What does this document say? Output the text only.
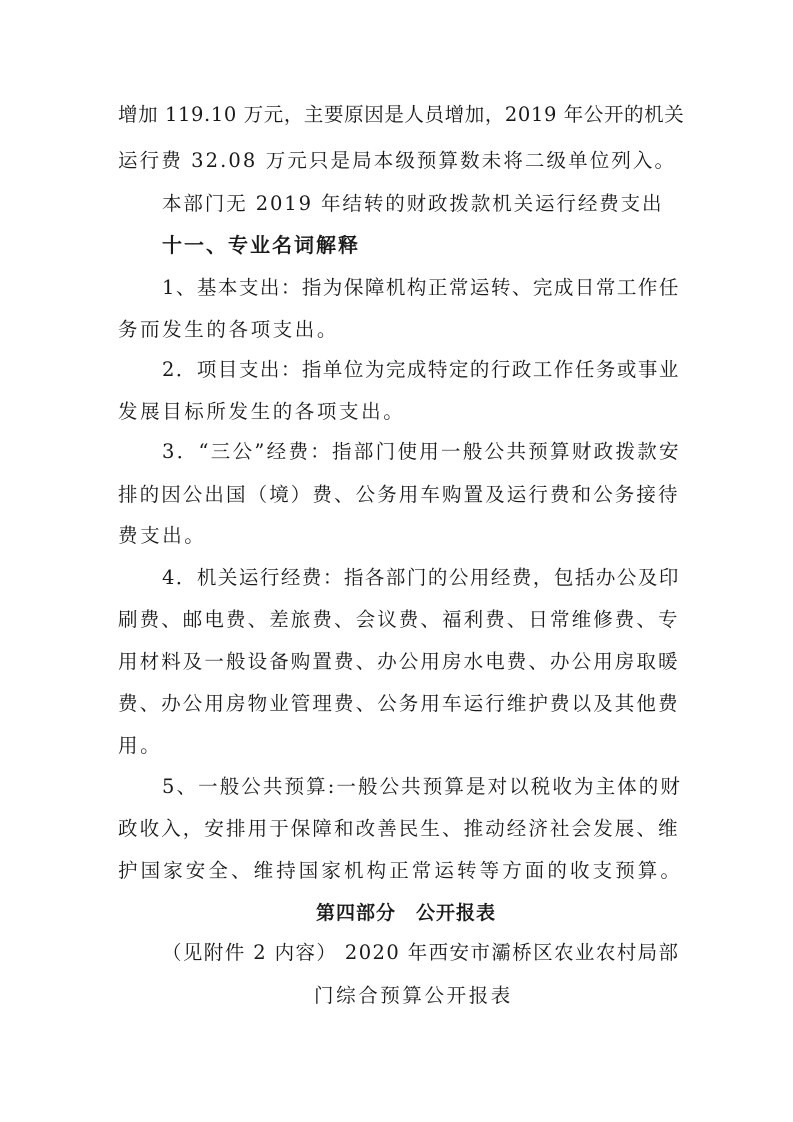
增加 119.10 万元，主要原因是人员增加，2019 年公开的机关
运行费 32.08 万元只是局本级预算数未将二级单位列入。
本部门无 2019 年结转的财政拨款机关运行经费支出
十一、专业名词解释
1、基本支出：指为保障机构正常运转、完成日常工作任
务而发生的各项支出。
2．项目支出：指单位为完成特定的行政工作任务或事业
发展目标所发生的各项支出。
3．“三公”经费：指部门使用一般公共预算财政拨款安
排的因公出国（境）费、公务用车购置及运行费和公务接待
费支出。
4．机关运行经费：指各部门的公用经费，包括办公及印
刷费、邮电费、差旅费、会议费、福利费、日常维修费、专
用材料及一般设备购置费、办公用房水电费、办公用房取暖
费、办公用房物业管理费、公务用车运行维护费以及其他费
用。
5、一般公共预算:一般公共预算是对以税收为主体的财
政收入，安排用于保障和改善民生、推动经济社会发展、维
护国家安全、维持国家机构正常运转等方面的收支预算。
第四部分　公开报表
（见附件 2 内容） 2020 年西安市灞桥区农业农村局部
门综合预算公开报表
